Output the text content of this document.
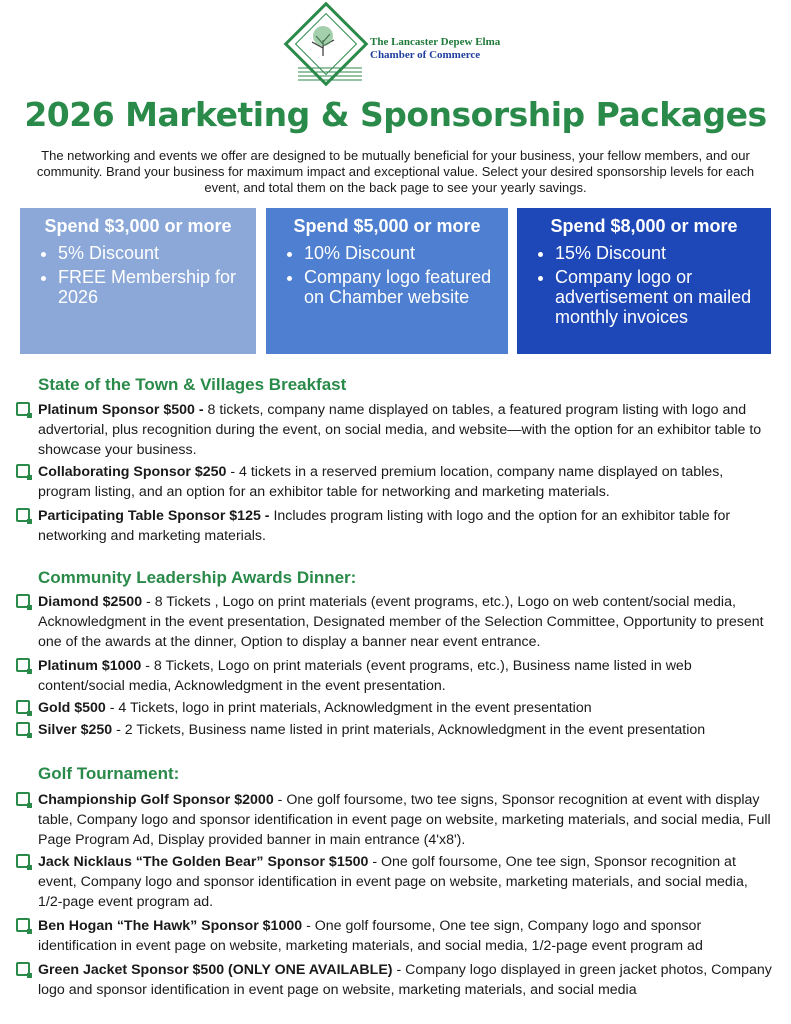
The Lancaster Depew Elma
Chamber of Commerce
2026 Marketing & Sponsorship Packages
The networking and events we offer are designed to be mutually beneficial for your business, your fellow members, and our community. Brand your business for maximum impact and exceptional value. Select your desired sponsorship levels for each event, and total them on the back page to see your yearly savings.
Spend $3,000 or more
• 5% Discount
• FREE Membership for 2026
Spend $5,000 or more
• 10% Discount
• Company logo featured on Chamber website
Spend $8,000 or more
• 15% Discount
• Company logo or advertisement on mailed monthly invoices
State of the Town & Villages Breakfast
Platinum Sponsor $500 - 8 tickets, company name displayed on tables, a featured program listing with logo and advertorial, plus recognition during the event, on social media, and website—with the option for an exhibitor table to showcase your business.
Collaborating Sponsor $250 - 4 tickets in a reserved premium location, company name displayed on tables, program listing, and an option for an exhibitor table for networking and marketing materials.
Participating Table Sponsor $125 - Includes program listing with logo and the option for an exhibitor table for networking and marketing materials.
Community Leadership Awards Dinner:
Diamond $2500 - 8 Tickets , Logo on print materials (event programs, etc.), Logo on web content/social media, Acknowledgment in the event presentation, Designated member of the Selection Committee, Opportunity to present one of the awards at the dinner, Option to display a banner near event entrance.
Platinum $1000 - 8 Tickets, Logo on print materials (event programs, etc.), Business name listed in web content/social media, Acknowledgment in the event presentation.
Gold $500 - 4 Tickets, logo in print materials, Acknowledgment in the event presentation
Silver $250 - 2 Tickets, Business name listed in print materials, Acknowledgment in the event presentation
Golf Tournament:
Championship Golf Sponsor $2000 - One golf foursome, two tee signs, Sponsor recognition at event with display table, Company logo and sponsor identification in event page on website, marketing materials, and social media, Full Page Program Ad, Display provided banner in main entrance (4'x8').
Jack Nicklaus “The Golden Bear” Sponsor $1500 - One golf foursome, One tee sign, Sponsor recognition at event, Company logo and sponsor identification in event page on website, marketing materials, and social media, 1/2-page event program ad.
Ben Hogan “The Hawk” Sponsor $1000 - One golf foursome, One tee sign, Company logo and sponsor identification in event page on website, marketing materials, and social media, 1/2-page event program ad
Green Jacket Sponsor $500 (ONLY ONE AVAILABLE) - Company logo displayed in green jacket photos, Company logo and sponsor identification in event page on website, marketing materials, and social media
